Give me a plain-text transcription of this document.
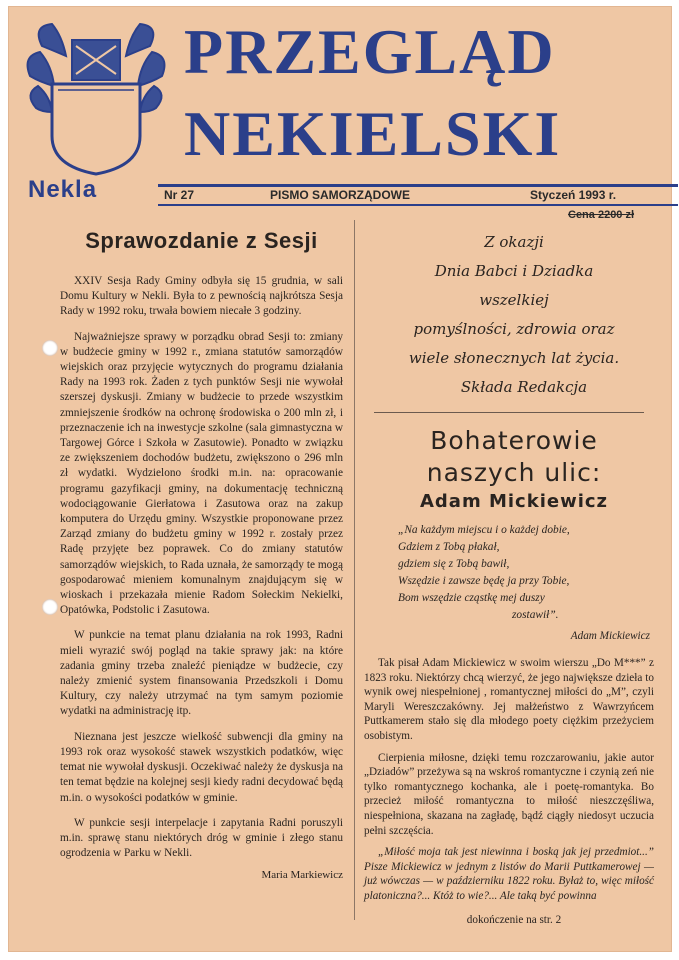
Nekla
PRZEGLĄD
NEKIELSKI
Nr 27	PISMO SAMORZĄDOWE	Styczeń 1993 r.
Cena 2200 zł
Sprawozdanie z Sesji

XXIV Sesja Rady Gminy odbyła się 15 grudnia, w sali Domu Kultury w Nekli. Była to z pewnością najkrótsza Sesja Rady w 1992 roku, trwała bowiem niecałe 3 godziny.

Najważniejsze sprawy w porządku obrad Sesji to: zmiany w budżecie gminy w 1992 r., zmiana statutów samorządów wiejskich oraz przyjęcie wytycznych do programu działania Rady na 1993 rok. Żaden z tych punktów Sesji nie wywołał szerszej dyskusji. Zmiany w budżecie to przede wszystkim zmniejszenie środków na ochronę środowiska o 200 mln zł, i przeznaczenie ich na inwestycje szkolne (sala gimnastyczna w Targowej Górce i Szkoła w Zasutowie). Ponadto w związku ze zwiększeniem dochodów budżetu, zwiększono o 296 mln zł wydatki. Wydzielono środki m.in. na: opracowanie programu gazyfikacji gminy, na dokumentację techniczną wodociągowanie Gierłatowa i Zasutowa oraz na zakup komputera do Urzędu gminy. Wszystkie proponowane przez Zarząd zmiany do budżetu gminy w 1992 r. zostały przez Radę przyjęte bez poprawek. Co do zmiany statutów samorządów wiejskich, to Rada uznała, że samorządy te mogą gospodarować mieniem komunalnym znajdującym się w wioskach i przekazała mienie Radom Sołeckim Nekielki, Opatówka, Podstolic i Zasutowa.

W punkcie na temat planu działania na rok 1993, Radni mieli wyrazić swój pogląd na takie sprawy jak: na które zadania gminy trzeba znaleźć pieniądze w budżecie, czy należy zmienić system finansowania Przedszkoli i Domu Kultury, czy należy utrzymać na tym samym poziomie wydatki na administrację itp.

Nieznana jest jeszcze wielkość subwencji dla gminy na 1993 rok oraz wysokość stawek wszystkich podatków, więc temat nie wywołał dyskusji. Oczekiwać należy że dyskusja na ten temat będzie na kolejnej sesji kiedy radni decydować będą m.in. o wysokości podatków w gminie.

W punkcie sesji interpelacje i zapytania Radni poruszyli m.in. sprawę stanu niektórych dróg w gminie i złego stanu ogrodzenia w Parku w Nekli.

Maria Markiewicz
Z okazji
Dnia Babci i Dziadka
wszelkiej
pomyślności, zdrowia oraz
wiele słonecznych lat życia.
Składa Redakcja
Bohaterowie
naszych ulic:
Adam Mickiewicz
„Na każdym miejscu i o każdej dobie,
Gdziem z Tobą płakał,
gdziem się z Tobą bawił,
Wszędzie i zawsze będę ja przy Tobie,
Bom wszędzie cząstkę mej duszy
zostawił”.
Adam Mickiewicz

Tak pisał Adam Mickiewicz w swoim wierszu „Do M***” z 1823 roku. Niektórzy chcą wierzyć, że jego największe dzieła to wynik owej niespełnionej , romantycznej miłości do „M”, czyli Maryli Wereszczakówny. Jej małżeństwo z Wawrzyńcem Puttkamerem stało się dla młodego poety ciężkim przeżyciem osobistym.

Cierpienia miłosne, dzięki temu rozczarowaniu, jakie autor „Dziadów” przeżywa są na wskroś romantyczne i czynią zeń nie tylko romantycznego kochanka, ale i poetę-romantyka. Bo przecież miłość romantyczna to miłość nieszczęśliwa, niespełniona, skazana na zagładę, bądź ciągły niedosyt uczucia pełni szczęścia.

„Miłość moja tak jest niewinna i boską jak jej przedmiot...” Pisze Mickiewicz w jednym z listów do Marii Puttkamerowej — już wówczas — w październiku 1822 roku. Byłaż to, więc miłość platoniczna?... Któż to wie?... Ale taką być powinna

dokończenie na str. 2
